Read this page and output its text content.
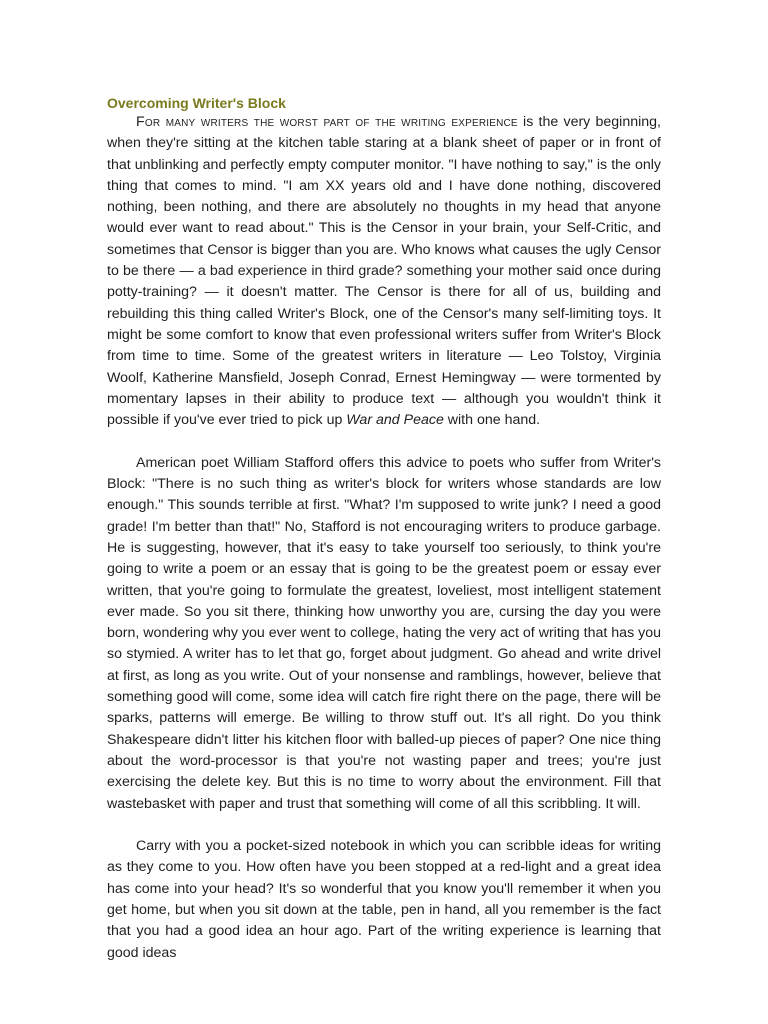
Overcoming Writer's Block

For many writers the worst part of the writing experience is the very beginning, when they're sitting at the kitchen table staring at a blank sheet of paper or in front of that unblinking and perfectly empty computer monitor. "I have nothing to say," is the only thing that comes to mind. "I am XX years old and I have done nothing, discovered nothing, been nothing, and there are absolutely no thoughts in my head that anyone would ever want to read about." This is the Censor in your brain, your Self-Critic, and sometimes that Censor is bigger than you are. Who knows what causes the ugly Censor to be there — a bad experience in third grade? something your mother said once during potty-training? — it doesn't matter. The Censor is there for all of us, building and rebuilding this thing called Writer's Block, one of the Censor's many self-limiting toys. It might be some comfort to know that even professional writers suffer from Writer's Block from time to time. Some of the greatest writers in literature — Leo Tolstoy, Virginia Woolf, Katherine Mansfield, Joseph Conrad, Ernest Hemingway — were tormented by momentary lapses in their ability to produce text — although you wouldn't think it possible if you've ever tried to pick up War and Peace with one hand.

American poet William Stafford offers this advice to poets who suffer from Writer's Block: "There is no such thing as writer's block for writers whose standards are low enough." This sounds terrible at first. "What? I'm supposed to write junk? I need a good grade! I'm better than that!" No, Stafford is not encouraging writers to produce garbage. He is suggesting, however, that it's easy to take yourself too seriously, to think you're going to write a poem or an essay that is going to be the greatest poem or essay ever written, that you're going to formulate the greatest, loveliest, most intelligent statement ever made. So you sit there, thinking how unworthy you are, cursing the day you were born, wondering why you ever went to college, hating the very act of writing that has you so stymied. A writer has to let that go, forget about judgment. Go ahead and write drivel at first, as long as you write. Out of your nonsense and ramblings, however, believe that something good will come, some idea will catch fire right there on the page, there will be sparks, patterns will emerge. Be willing to throw stuff out. It's all right. Do you think Shakespeare didn't litter his kitchen floor with balled-up pieces of paper? One nice thing about the word-processor is that you're not wasting paper and trees; you're just exercising the delete key. But this is no time to worry about the environment. Fill that wastebasket with paper and trust that something will come of all this scribbling. It will.

Carry with you a pocket-sized notebook in which you can scribble ideas for writing as they come to you. How often have you been stopped at a red-light and a great idea has come into your head? It's so wonderful that you know you'll remember it when you get home, but when you sit down at the table, pen in hand, all you remember is the fact that you had a good idea an hour ago. Part of the writing experience is learning that good ideas
